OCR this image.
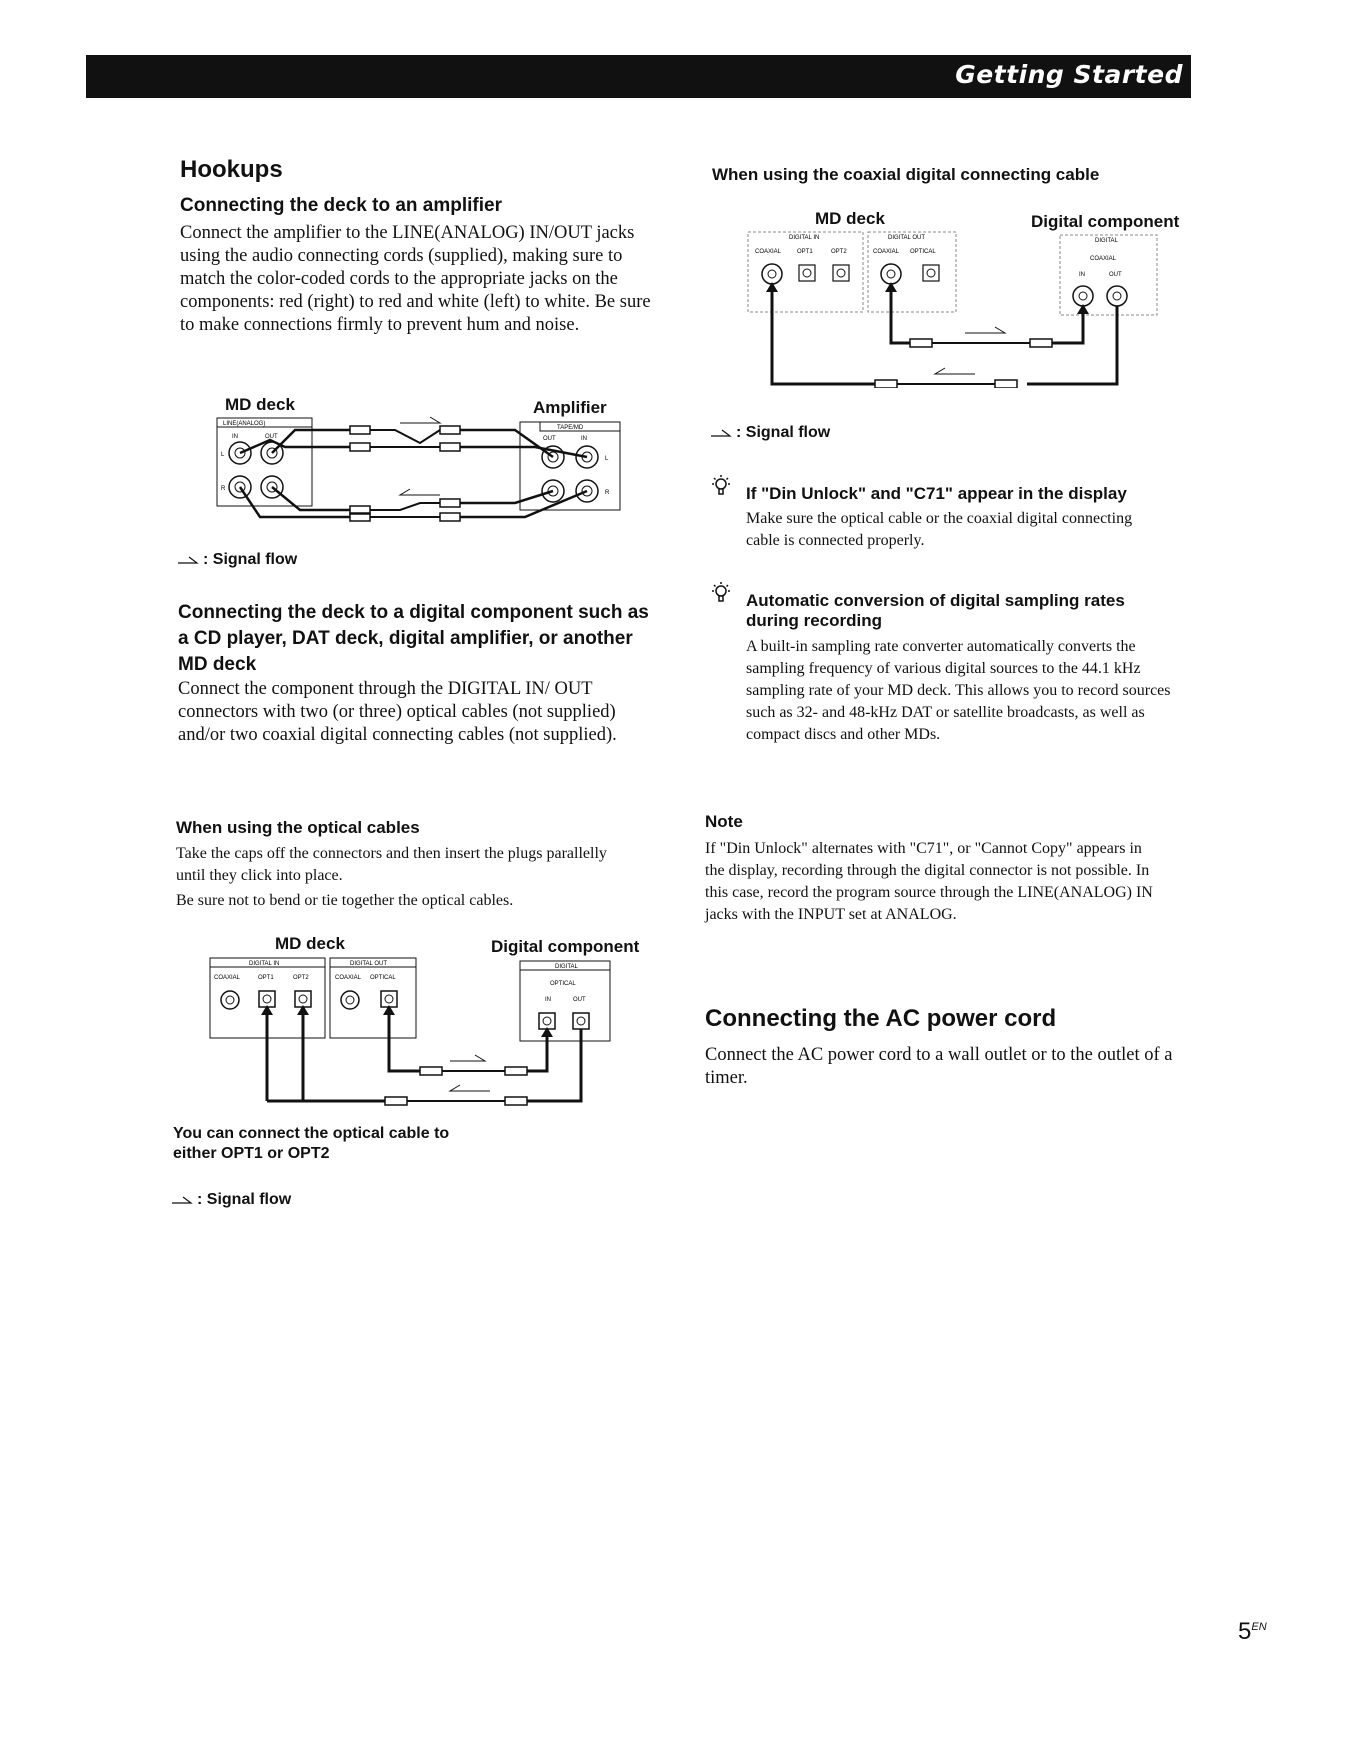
Getting Started
Hookups
Connecting the deck to an amplifier
Connect the amplifier to the LINE(ANALOG) IN/OUT jacks using the audio connecting cords (supplied), making sure to match the color-coded cords to the appropriate jacks on the components: red (right) to red and white (left) to white. Be sure to make connections firmly to prevent hum and noise.
MD deck	Amplifier
LINE(ANALOG)
TAPE/MD
IN	OUT	OUT	IN
L
R
L
R
: Signal flow
Connecting the deck to a digital component such as a CD player, DAT deck, digital amplifier, or another MD deck
Connect the component through the DIGITAL IN/ OUT connectors with two (or three) optical cables (not supplied) and/or two coaxial digital connecting cables (not supplied).
When using the optical cables
Take the caps off the connectors and then insert the plugs parallelly until they click into place.
Be sure not to bend or tie together the optical cables.
MD deck	Digital component
DIGITAL IN	DIGITAL OUT	DIGITAL
COAXIAL	OPT1	OPT2	COAXIAL OPTICAL
OPTICAL
IN	OUT
You can connect the optical cable to either OPT1 or OPT2
: Signal flow
When using the coaxial digital connecting cable
MD deck	Digital component
DIGITAL IN	DIGITAL OUT	DIGITAL
COAXIAL	OPT1	OPT2	COAXIAL OPTICAL
COAXIAL
IN	OUT
: Signal flow
If "Din Unlock" and "C71" appear in the display
Make sure the optical cable or the coaxial digital connecting cable is connected properly.
Automatic conversion of digital sampling rates during recording
A built-in sampling rate converter automatically converts the sampling frequency of various digital sources to the 44.1 kHz sampling rate of your MD deck. This allows you to record sources such as 32- and 48-kHz DAT or satellite broadcasts, as well as compact discs and other MDs.
Note
If "Din Unlock" alternates with "C71", or "Cannot Copy" appears in the display, recording through the digital connector is not possible. In this case, record the program source through the LINE(ANALOG) IN jacks with the INPUT set at ANALOG.
Connecting the AC power cord
Connect the AC power cord to a wall outlet or to the outlet of a timer.
$5^{EN}$
